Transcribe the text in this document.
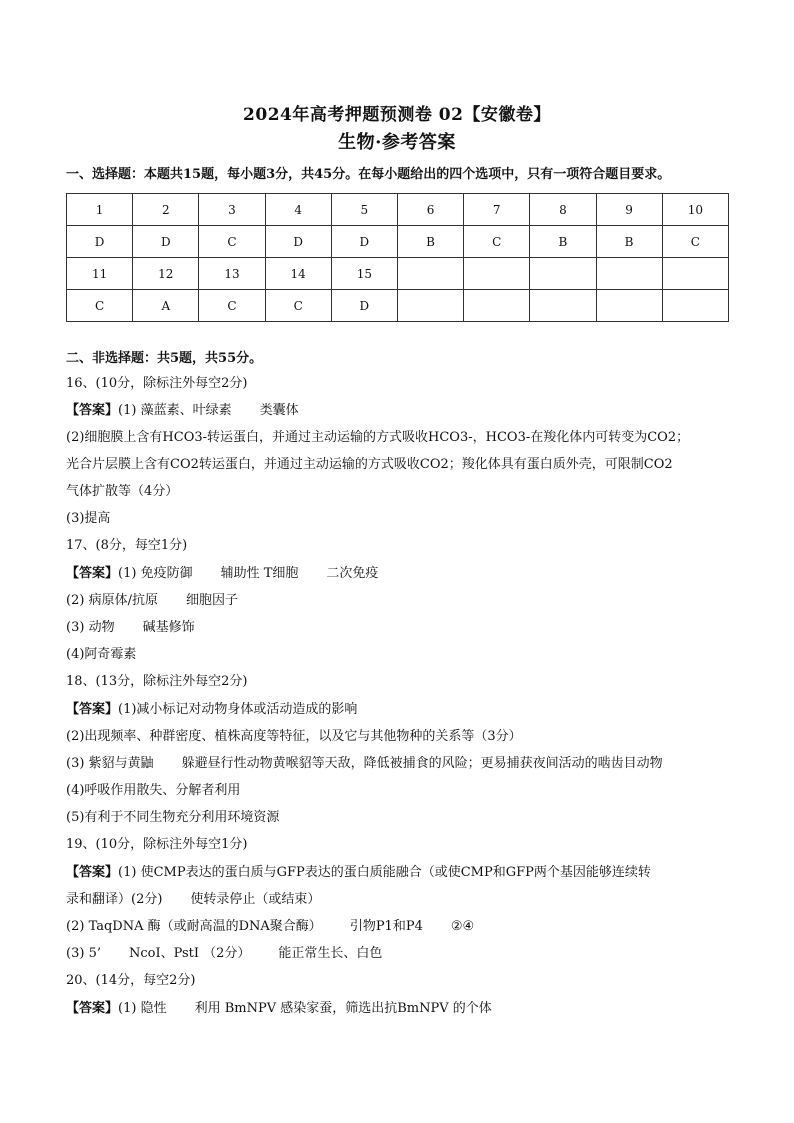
2024年高考押题预测卷 02【安徽卷】
生物·参考答案
一、选择题：本题共15题，每小题3分，共45分。在每小题给出的四个选项中，只有一项符合题目要求。
1	2	3	4	5	6	7	8	9	10
D	D	C	D	D	B	C	B	B	C
11	12	13	14	15					
C	A	C	C	D					
二、非选择题：共5题，共55分。
16、(10分，除标注外每空2分)
【答案】(1) 藻蓝素、叶绿素 类囊体
(2)细胞膜上含有HCO3-转运蛋白，并通过主动运输的方式吸收HCO3-，HCO3-在羧化体内可转变为CO2；
光合片层膜上含有CO2转运蛋白，并通过主动运输的方式吸收CO2；羧化体具有蛋白质外壳，可限制CO2
气体扩散等（4分）
(3)提高
17、(8分，每空1分)
【答案】(1) 免疫防御 辅助性 T细胞 二次免疫
(2) 病原体/抗原 细胞因子
(3) 动物 碱基修饰
(4)阿奇霉素
18、(13分，除标注外每空2分)
【答案】(1)减小标记对动物身体或活动造成的影响
(2)出现频率、种群密度、植株高度等特征，以及它与其他物种的关系等（3分）
(3) 紫貂与黄鼬 躲避昼行性动物黄喉貂等天敌，降低被捕食的风险；更易捕获夜间活动的啮齿目动物
(4)呼吸作用散失、分解者利用
(5)有利于不同生物充分利用环境资源
19、(10分，除标注外每空1分)
【答案】(1) 使CMP表达的蛋白质与GFP表达的蛋白质能融合（或使CMP和GFP两个基因能够连续转
录和翻译）(2分) 使转录停止（或结束）
(2) TaqDNA 酶（或耐高温的DNA聚合酶） 引物P1和P4 ②④
(3) 5’ NcoI、PstI （2分） 能正常生长、白色
20、(14分，每空2分)
【答案】(1) 隐性 利用 BmNPV 感染家蚕，筛选出抗BmNPV 的个体
